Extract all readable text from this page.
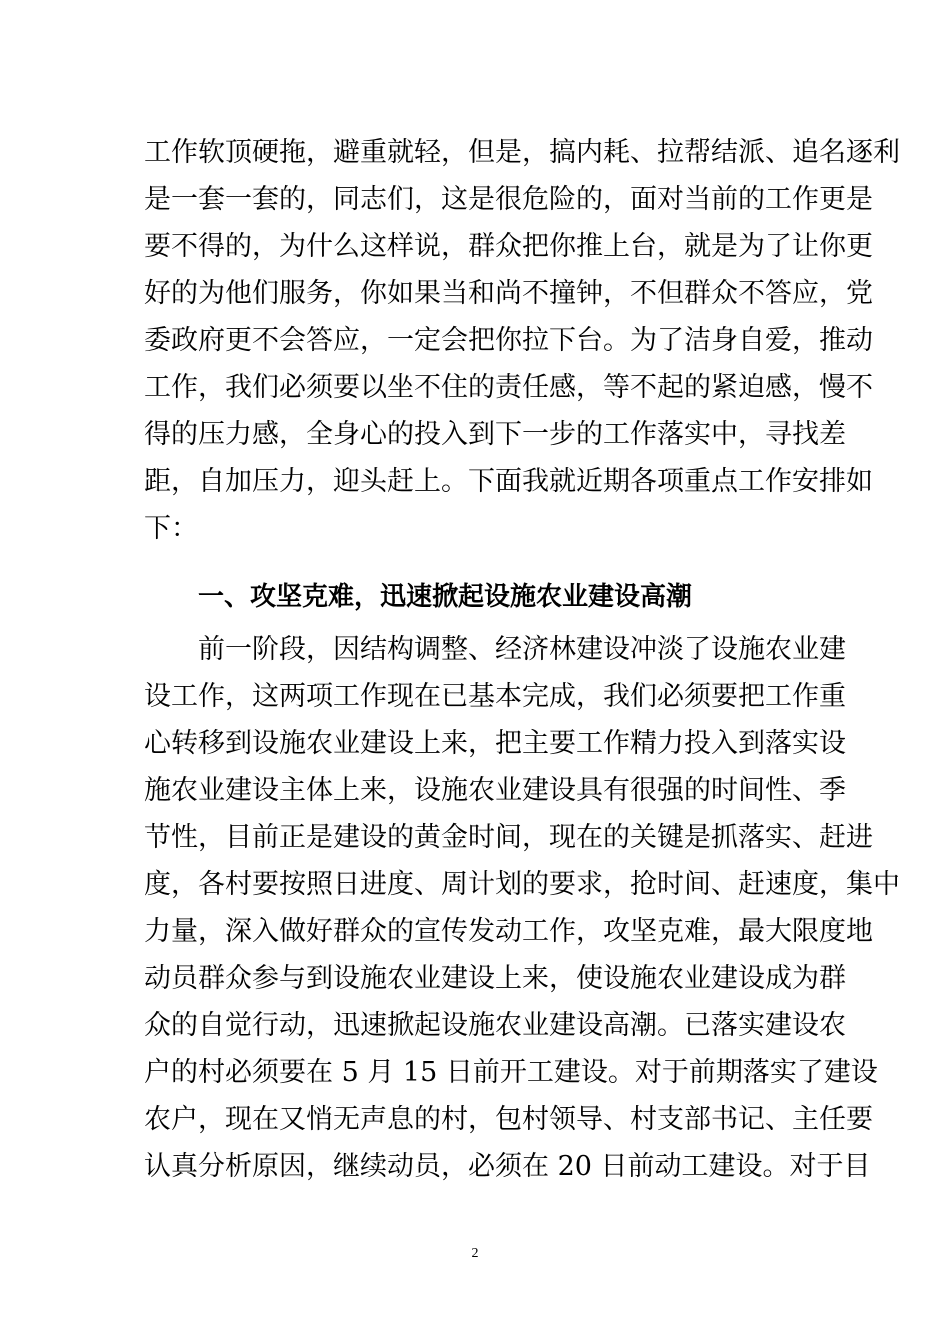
工作软顶硬拖，避重就轻，但是，搞内耗、拉帮结派、追名逐利
是一套一套的，同志们，这是很危险的，面对当前的工作更是
要不得的，为什么这样说，群众把你推上台，就是为了让你更
好的为他们服务，你如果当和尚不撞钟，不但群众不答应，党
委政府更不会答应，一定会把你拉下台。为了洁身自爱，推动
工作，我们必须要以坐不住的责任感，等不起的紧迫感，慢不
得的压力感，全身心的投入到下一步的工作落实中，寻找差
距，自加压力，迎头赶上。下面我就近期各项重点工作安排如
下：
一、攻坚克难，迅速掀起设施农业建设高潮
前一阶段，因结构调整、经济林建设冲淡了设施农业建
设工作，这两项工作现在已基本完成，我们必须要把工作重
心转移到设施农业建设上来，把主要工作精力投入到落实设
施农业建设主体上来，设施农业建设具有很强的时间性、季
节性，目前正是建设的黄金时间，现在的关键是抓落实、赶进
度，各村要按照日进度、周计划的要求，抢时间、赶速度，集中
力量，深入做好群众的宣传发动工作，攻坚克难，最大限度地
动员群众参与到设施农业建设上来，使设施农业建设成为群
众的自觉行动，迅速掀起设施农业建设高潮。已落实建设农
户的村必须要在 5 月 15 日前开工建设。对于前期落实了建设
农户，现在又悄无声息的村，包村领导、村支部书记、主任要
认真分析原因，继续动员，必须在 20 日前动工建设。对于目
2
